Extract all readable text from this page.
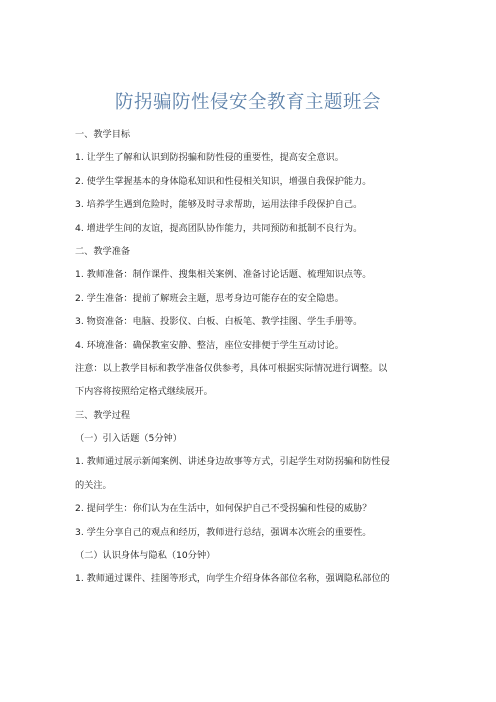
防拐骗防性侵安全教育主题班会
一、教学目标
1. 让学生了解和认识到防拐骗和防性侵的重要性，提高安全意识。
2. 使学生掌握基本的身体隐私知识和性侵相关知识，增强自我保护能力。
3. 培养学生遇到危险时，能够及时寻求帮助，运用法律手段保护自己。
4. 增进学生间的友谊，提高团队协作能力，共同预防和抵制不良行为。
二、教学准备
1. 教师准备：制作课件、搜集相关案例、准备讨论话题、梳理知识点等。
2. 学生准备：提前了解班会主题，思考身边可能存在的安全隐患。
3. 物资准备：电脑、投影仪、白板、白板笔、教学挂图、学生手册等。
4. 环境准备：确保教室安静、整洁，座位安排便于学生互动讨论。
注意：以上教学目标和教学准备仅供参考，具体可根据实际情况进行调整。以
下内容将按照给定格式继续展开。
三、教学过程
（一）引入话题（5分钟）
1. 教师通过展示新闻案例、讲述身边故事等方式，引起学生对防拐骗和防性侵
的关注。
2. 提问学生：你们认为在生活中，如何保护自己不受拐骗和性侵的威胁？
3. 学生分享自己的观点和经历，教师进行总结，强调本次班会的重要性。
（二）认识身体与隐私（10分钟）
1. 教师通过课件、挂图等形式，向学生介绍身体各部位名称，强调隐私部位的
